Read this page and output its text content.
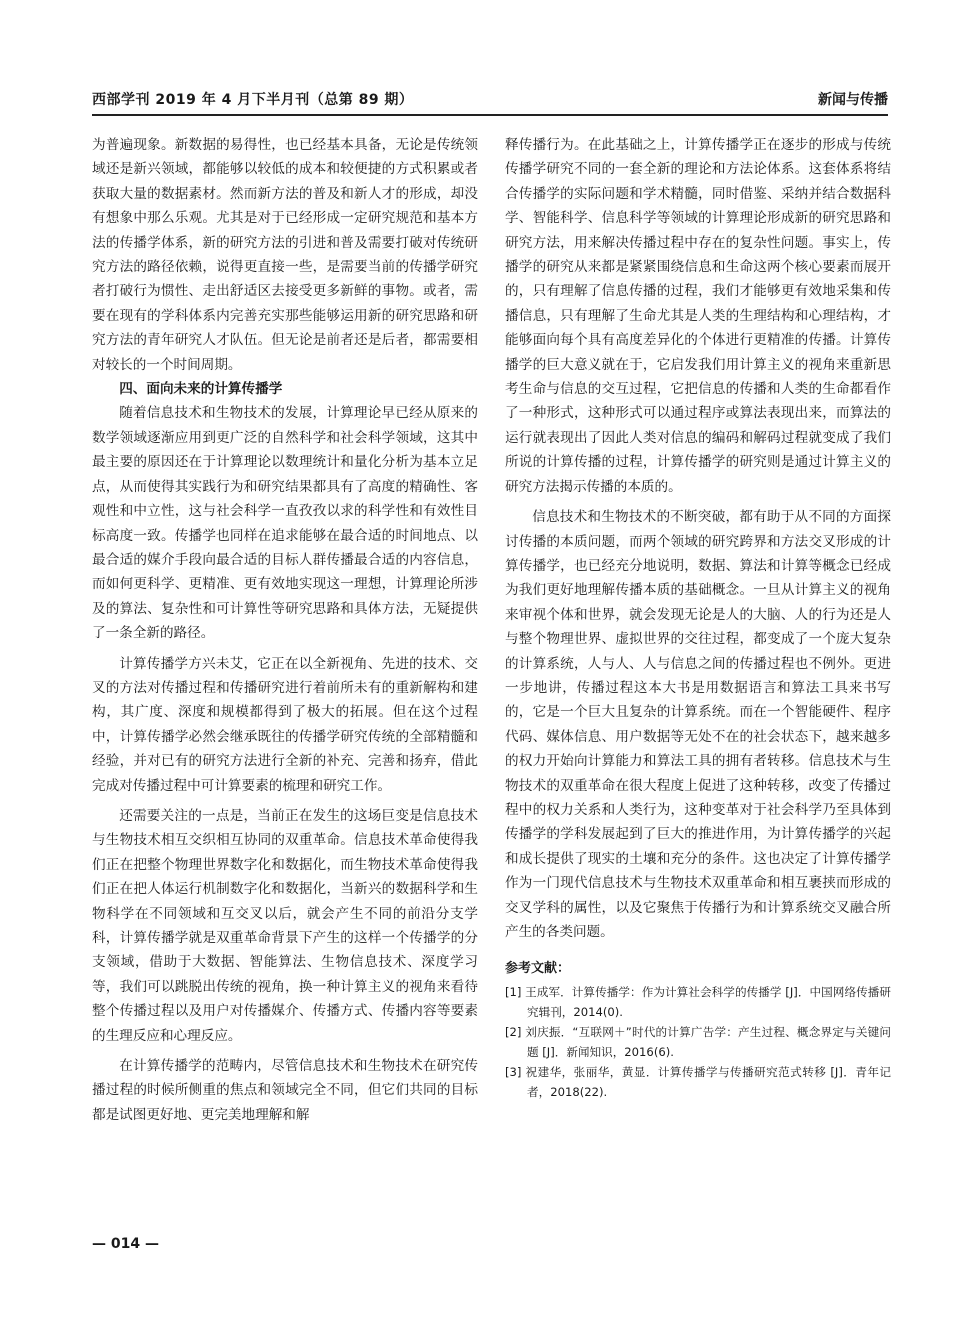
西部学刊 2019 年 4 月下半月刊（总第 89 期）	新闻与传播

为普遍现象。新数据的易得性，也已经基本具备，无论是传统领域还是新兴领域，都能够以较低的成本和较便捷的方式积累或者获取大量的数据素材。然而新方法的普及和新人才的形成，却没有想象中那么乐观。尤其是对于已经形成一定研究规范和基本方法的传播学体系，新的研究方法的引进和普及需要打破对传统研究方法的路径依赖，说得更直接一些，是需要当前的传播学研究者打破行为惯性、走出舒适区去接受更多新鲜的事物。或者，需要在现有的学科体系内完善充实那些能够运用新的研究思路和研究方法的青年研究人才队伍。但无论是前者还是后者，都需要相对较长的一个时间周期。

四、面向未来的计算传播学

随着信息技术和生物技术的发展，计算理论早已经从原来的数学领域逐渐应用到更广泛的自然科学和社会科学领域，这其中最主要的原因还在于计算理论以数理统计和量化分析为基本立足点，从而使得其实践行为和研究结果都具有了高度的精确性、客观性和中立性，这与社会科学一直孜孜以求的科学性和有效性目标高度一致。传播学也同样在追求能够在最合适的时间地点、以最合适的媒介手段向最合适的目标人群传播最合适的内容信息，而如何更科学、更精准、更有效地实现这一理想，计算理论所涉及的算法、复杂性和可计算性等研究思路和具体方法，无疑提供了一条全新的路径。

计算传播学方兴未艾，它正在以全新视角、先进的技术、交叉的方法对传播过程和传播研究进行着前所未有的重新解构和建构，其广度、深度和规模都得到了极大的拓展。但在这个过程中，计算传播学必然会继承既往的传播学研究传统的全部精髓和经验，并对已有的研究方法进行全新的补充、完善和扬弃，借此完成对传播过程中可计算要素的梳理和研究工作。

还需要关注的一点是，当前正在发生的这场巨变是信息技术与生物技术相互交织相互协同的双重革命。信息技术革命使得我们正在把整个物理世界数字化和数据化，而生物技术革命使得我们正在把人体运行机制数字化和数据化，当新兴的数据科学和生物科学在不同领域和互交叉以后，就会产生不同的前沿分支学科，计算传播学就是双重革命背景下产生的这样一个传播学的分支领域，借助于大数据、智能算法、生物信息技术、深度学习等，我们可以跳脱出传统的视角，换一种计算主义的视角来看待整个传播过程以及用户对传播媒介、传播方式、传播内容等要素的生理反应和心理反应。

在计算传播学的范畴内，尽管信息技术和生物技术在研究传播过程的时候所侧重的焦点和领域完全不同，但它们共同的目标都是试图更好地、更完美地理解和解

释传播行为。在此基础之上，计算传播学正在逐步的形成与传统传播学研究不同的一套全新的理论和方法论体系。这套体系将结合传播学的实际问题和学术精髓，同时借鉴、采纳并结合数据科学、智能科学、信息科学等领域的计算理论形成新的研究思路和研究方法，用来解决传播过程中存在的复杂性问题。事实上，传播学的研究从来都是紧紧围绕信息和生命这两个核心要素而展开的，只有理解了信息传播的过程，我们才能够更有效地采集和传播信息，只有理解了生命尤其是人类的生理结构和心理结构，才能够面向每个具有高度差异化的个体进行更精准的传播。计算传播学的巨大意义就在于，它启发我们用计算主义的视角来重新思考生命与信息的交互过程，它把信息的传播和人类的生命都看作了一种形式，这种形式可以通过程序或算法表现出来，而算法的运行就表现出了因此人类对信息的编码和解码过程就变成了我们所说的计算传播的过程，计算传播学的研究则是通过计算主义的研究方法揭示传播的本质的。

信息技术和生物技术的不断突破，都有助于从不同的方面探讨传播的本质问题，而两个领域的研究跨界和方法交叉形成的计算传播学，也已经充分地说明，数据、算法和计算等概念已经成为我们更好地理解传播本质的基础概念。一旦从计算主义的视角来审视个体和世界，就会发现无论是人的大脑、人的行为还是人与整个物理世界、虚拟世界的交往过程，都变成了一个庞大复杂的计算系统，人与人、人与信息之间的传播过程也不例外。更进一步地讲，传播过程这本大书是用数据语言和算法工具来书写的，它是一个巨大且复杂的计算系统。而在一个智能硬件、程序代码、媒体信息、用户数据等无处不在的社会状态下，越来越多的权力开始向计算能力和算法工具的拥有者转移。信息技术与生物技术的双重革命在很大程度上促进了这种转移，改变了传播过程中的权力关系和人类行为，这种变革对于社会科学乃至具体到传播学的学科发展起到了巨大的推进作用，为计算传播学的兴起和成长提供了现实的土壤和充分的条件。这也决定了计算传播学作为一门现代信息技术与生物技术双重革命和相互裹挟而形成的交叉学科的属性，以及它聚焦于传播行为和计算系统交叉融合所产生的各类问题。

参考文献：
[1] 王成军．计算传播学：作为计算社会科学的传播学 [J]．中国网络传播研究辑刊，2014(0).
[2] 刘庆振．“互联网＋”时代的计算广告学：产生过程、概念界定与关键问题 [J]．新闻知识，2016(6).
[3] 祝建华，张丽华，黄显．计算传播学与传播研究范式转移 [J]．青年记者，2018(22).
— 014 —
